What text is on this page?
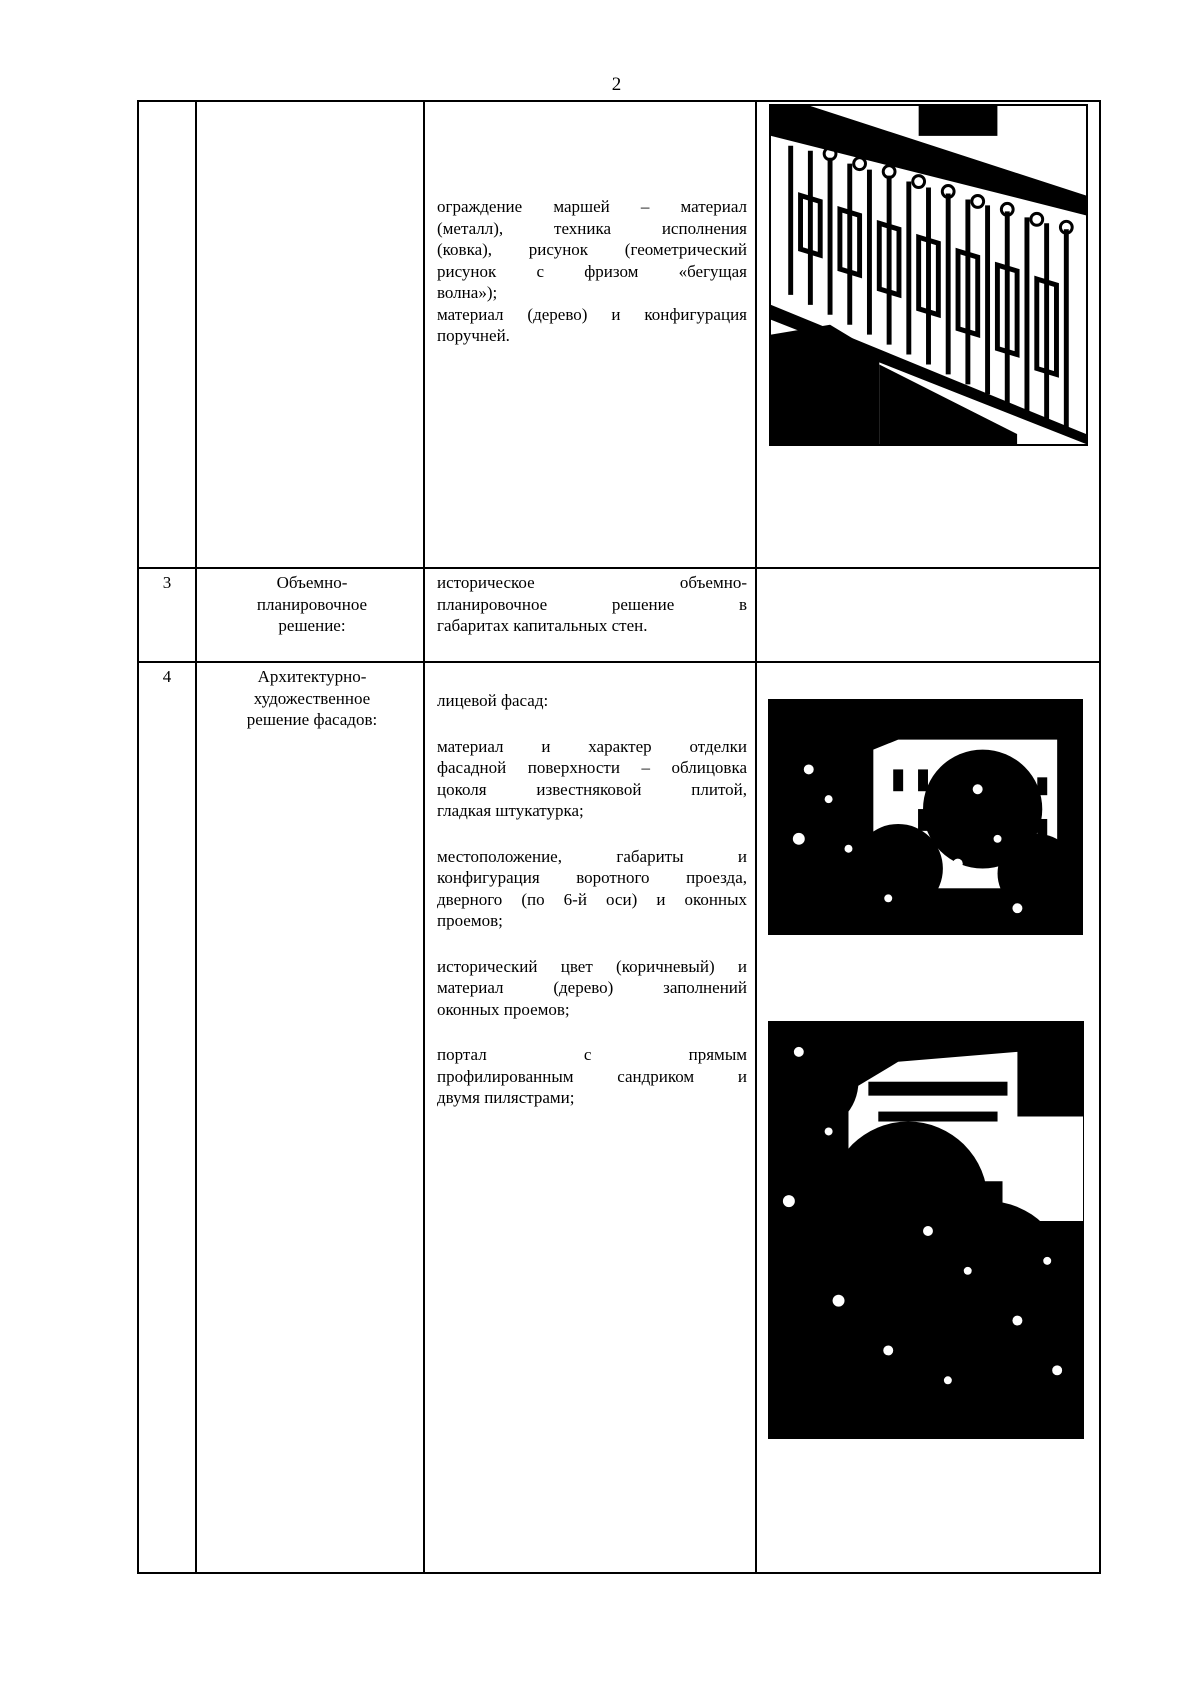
2

ограждение маршей – материал

(металл), техника исполнения

(ковка), рисунок (геометрический

рисунок с фризом «бегущая

волна»);

материал (дерево) и конфигурация

поручней.

3	Объемно-
планировочное
решение:

историческое объемно-

планировочное решение в

габаритах капитальных стен.

4	Архитектурно-
художественное
решение фасадов:

лицевой фасад:

материал и характер отделки

фасадной поверхности – облицовка

цоколя известняковой плитой,

гладкая штукатурка;

местоположение, габариты и

конфигурация воротного проезда,

дверного (по 6-й оси) и оконных

проемов;

исторический цвет (коричневый) и

материал (дерево) заполнений

оконных проемов;

портал с прямым

профилированным сандриком и

двумя пилястрами;
